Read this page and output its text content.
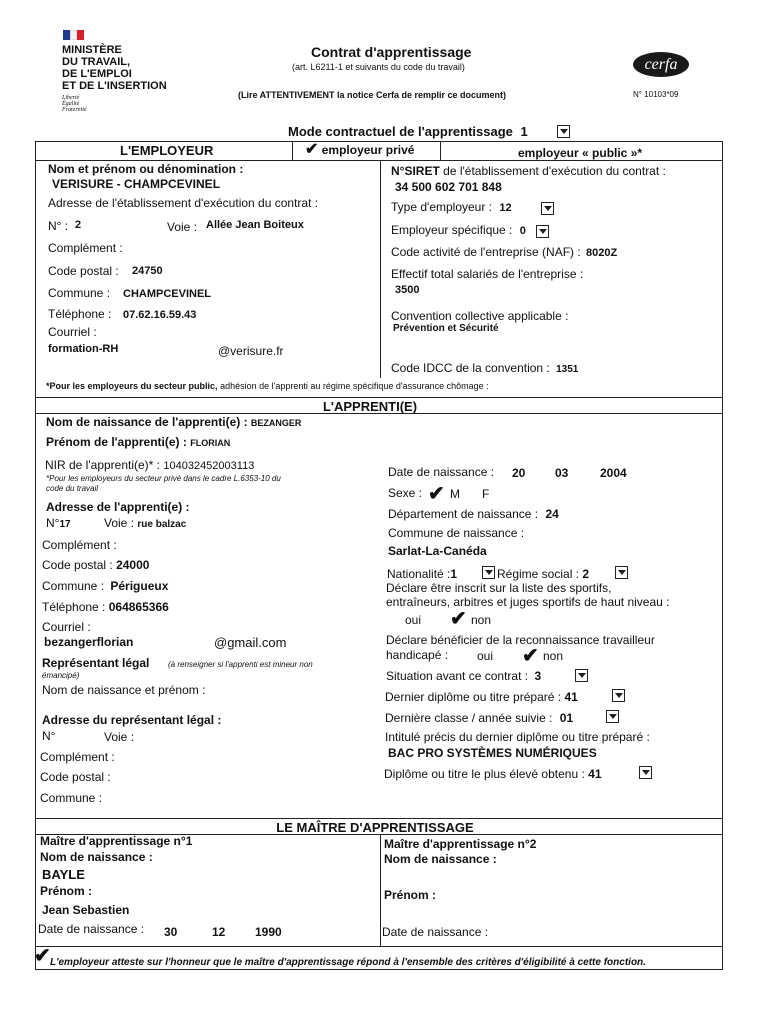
MINISTÈRE
DU TRAVAIL,
DE L'EMPLOI
ET DE L'INSERTION
Liberté
Égalité
Fraternité
Contrat d'apprentissage
(art. L6211-1 et suivants du code du travail)
(Lire ATTENTIVEMENT la notice Cerfa de remplir ce document)
cerfa
N° 10103*09
Mode contractuel de l'apprentissage 1
L'EMPLOYEUR	✔ employeur privé	employeur « public »*
Nom et prénom ou dénomination :
VERISURE - CHAMPCEVINEL
Adresse de l'établissement d'exécution du contrat :
N° : 2	Voie : Allée Jean Boiteux
Complément :
Code postal : 24750
Commune : CHAMPCEVINEL
Téléphone : 07.62.16.59.43
Courriel :
formation-RH	@verisure.fr
N°SIRET de l'établissement d'exécution du contrat :
34 500 602 701 848
Type d'employeur : 12
Employeur spécifique : 0
Code activité de l'entreprise (NAF) : 8020Z
Effectif total salariés de l'entreprise :
3500
Convention collective applicable :
Prévention et Sécurité
Code IDCC de la convention : 1351
*Pour les employeurs du secteur public, adhésion de l'apprenti au régime spécifique d'assurance chômage :
L'APPRENTI(E)
Nom de naissance de l'apprenti(e) : BEZANGER
Prénom de l'apprenti(e) : FLORIAN
NIR de l'apprenti(e)* : 104032452003113
*Pour les employeurs du secteur privé dans le cadre L.6353-10 du
code du travail
Adresse de l'apprenti(e) :
N°17	Voie : rue balzac
Complément :
Code postal : 24000
Commune : Périgueux
Téléphone : 064865366
Courriel :
bezangerflorian	@gmail.com
Représentant légal (à renseigner si l'apprenti est mineur non
émancipé)
Nom de naissance et prénom :
Adresse du représentant légal :
N°	Voie :
Complément :
Code postal :
Commune :
Date de naissance : 20 03	2004
Sexe : ✔ M F
Département de naissance : 24
Commune de naissance :
Sarlat-La-Canéda
Nationalité :1	Régime social : 2
Déclare être inscrit sur la liste des sportifs,
entraîneurs, arbitres et juges sportifs de haut niveau :
oui ✔ non
Déclare bénéficier de la reconnaissance travailleur
handicapé :	oui ✔ non
Situation avant ce contrat : 3
Dernier diplôme ou titre préparé : 41
Dernière classe / année suivie : 01
Intitulé précis du dernier diplôme ou titre préparé :
BAC PRO SYSTÈMES NUMÉRIQUES
Diplôme ou titre le plus élevé obtenu : 41
LE MAÎTRE D'APPRENTISSAGE
Maître d'apprentissage n°1
Nom de naissance :
BAYLE
Prénom :
Jean Sebastien
Date de naissance : 30	12 1990
Maître d'apprentissage n°2
Nom de naissance :
Prénom :
Date de naissance :
✔ L'employeur atteste sur l'honneur que le maître d'apprentissage répond à l'ensemble des critères d'éligibilité à cette fonction.
